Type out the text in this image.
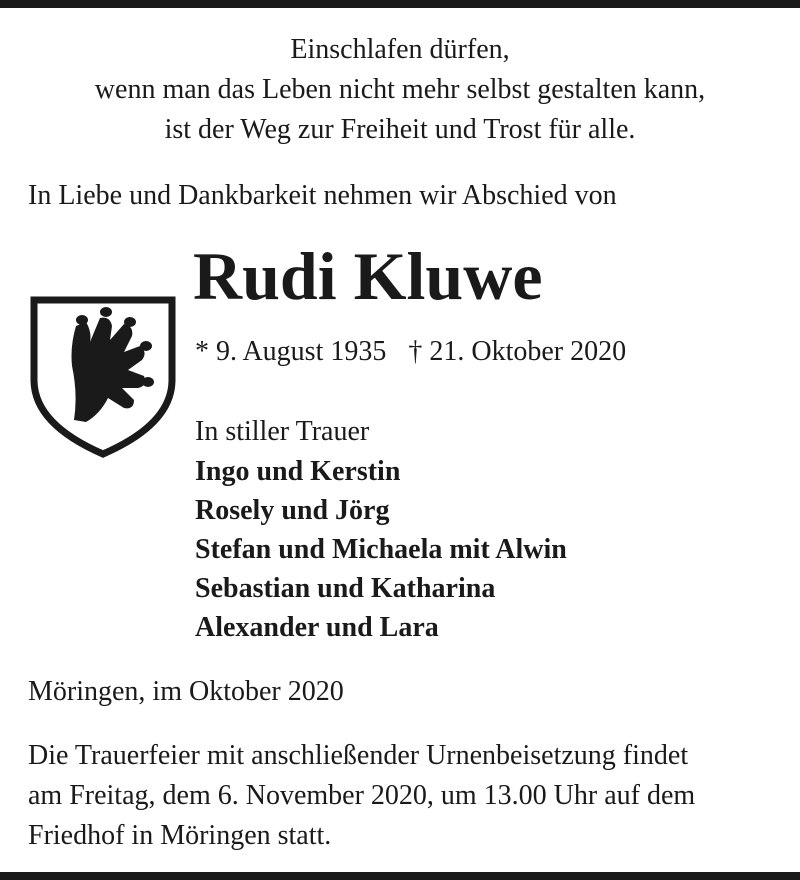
Einschlafen dürfen,

wenn man das Leben nicht mehr selbst gestalten kann,

ist der Weg zur Freiheit und Trost für alle.

In Liebe und Dankbarkeit nehmen wir Abschied von

Rudi Kluwe

* 9. August 1935 † 21. Oktober 2020

In stiller Trauer

Ingo und Kerstin

Rosely und Jörg

Stefan und Michaela mit Alwin

Sebastian und Katharina

Alexander und Lara

Möringen, im Oktober 2020

Die Trauerfeier mit anschließender Urnenbeisetzung findet

am Freitag, dem 6. November 2020, um 13.00 Uhr auf dem

Friedhof in Möringen statt.
